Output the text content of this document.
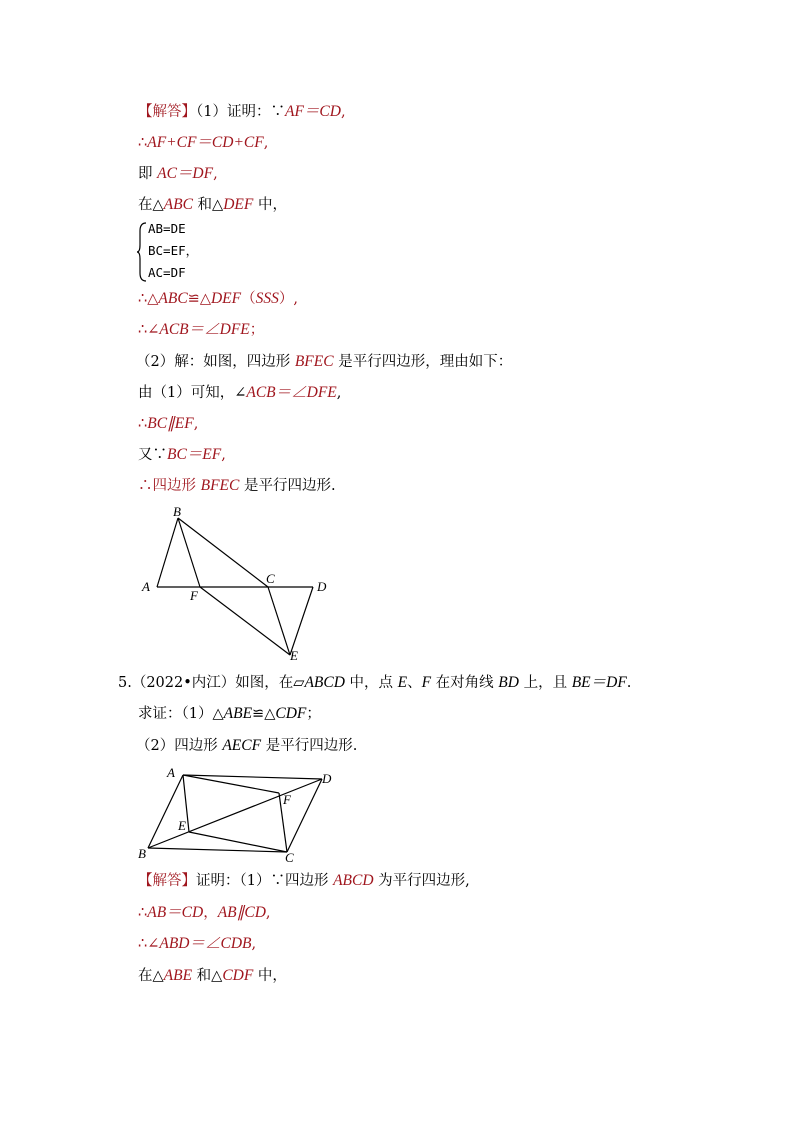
【解答】（1）证明：∵AF＝CD,
∴AF+CF＝CD+CF,
即 AC＝DF,
在△ABC 和△DEF 中，
AB=DE
BC=EF，
AC=DF
∴△ABC≌△DEF（SSS）,
∴∠ACB＝∠DFE；
（2）解：如图，四边形 BFEC 是平行四边形，理由如下：
由（1）可知，∠ACB＝∠DFE,
∴BC∥EF,
又∵BC＝EF,
∴四边形 BFEC 是平行四边形.
B
A
F
C
D
E
5.（2022•内江）如图，在▱ABCD 中，点 E、F 在对角线 BD 上，且 BE＝DF.
求证：（1）△ABE≌△CDF；
（2）四边形 AECF 是平行四边形.
A	D
F
E
B	C
【解答】证明：（1）∵四边形 ABCD 为平行四边形,
∴AB＝CD，AB∥CD,
∴∠ABD＝∠CDB,
在△ABE 和△CDF 中，
